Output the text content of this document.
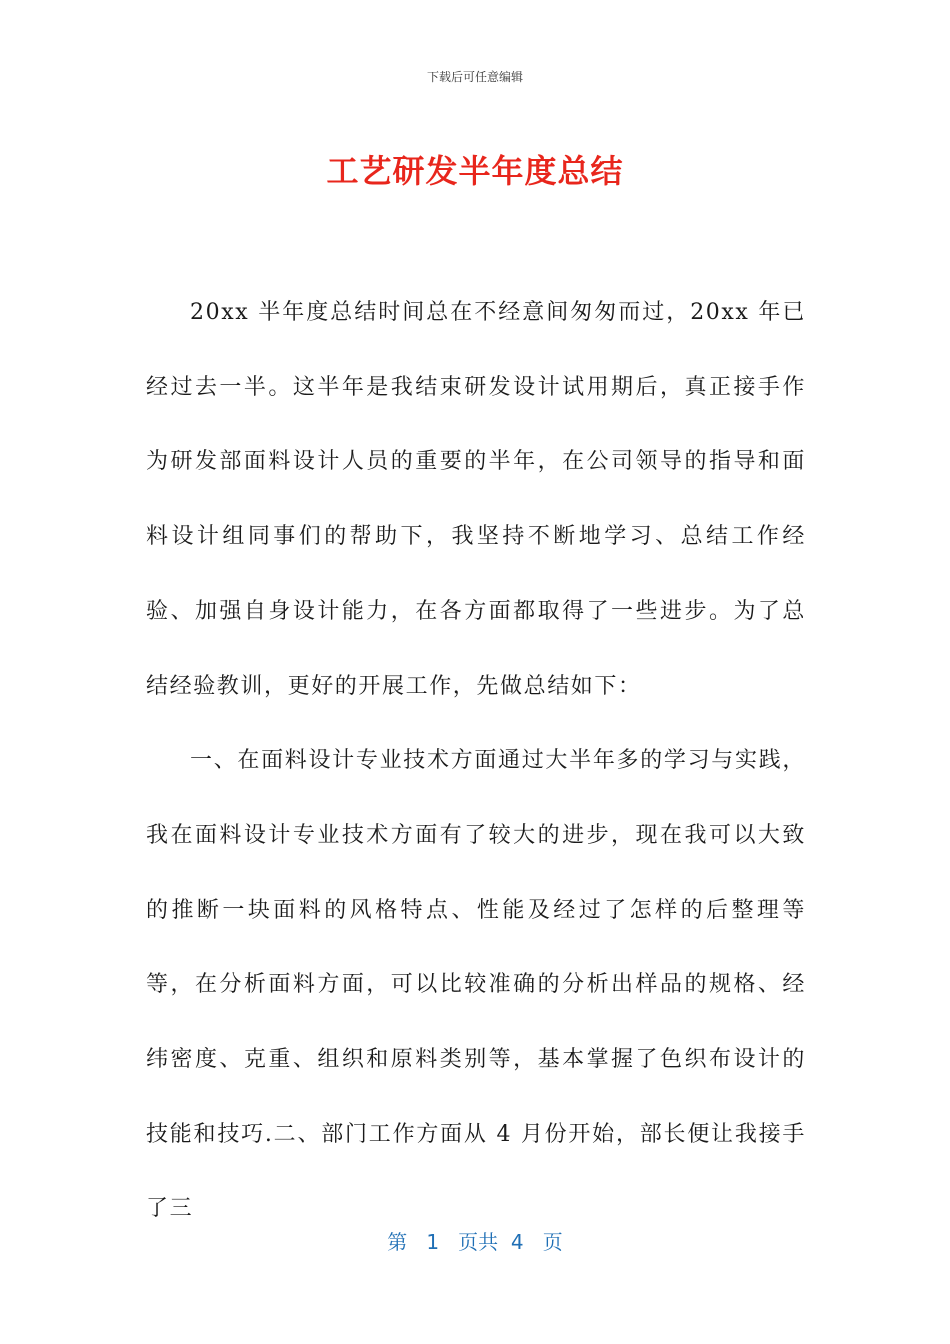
下载后可任意编辑
工艺研发半年度总结

20xx 半年度总结时间总在不经意间匆匆而过，20xx 年已经过去一半。这半年是我结束研发设计试用期后，真正接手作为研发部面料设计人员的重要的半年，在公司领导的指导和面料设计组同事们的帮助下，我坚持不断地学习、总结工作经验、加强自身设计能力，在各方面都取得了一些进步。为了总结经验教训，更好的开展工作，先做总结如下：

一、在面料设计专业技术方面通过大半年多的学习与实践，我在面料设计专业技术方面有了较大的进步，现在我可以大致的推断一块面料的风格特点、性能及经过了怎样的后整理等等，在分析面料方面，可以比较准确的分析出样品的规格、经纬密度、克重、组织和原料类别等，基本掌握了色织布设计的技能和技巧.二、部门工作方面从 4 月份开始，部长便让我接手了三

第 1 页共 4 页
